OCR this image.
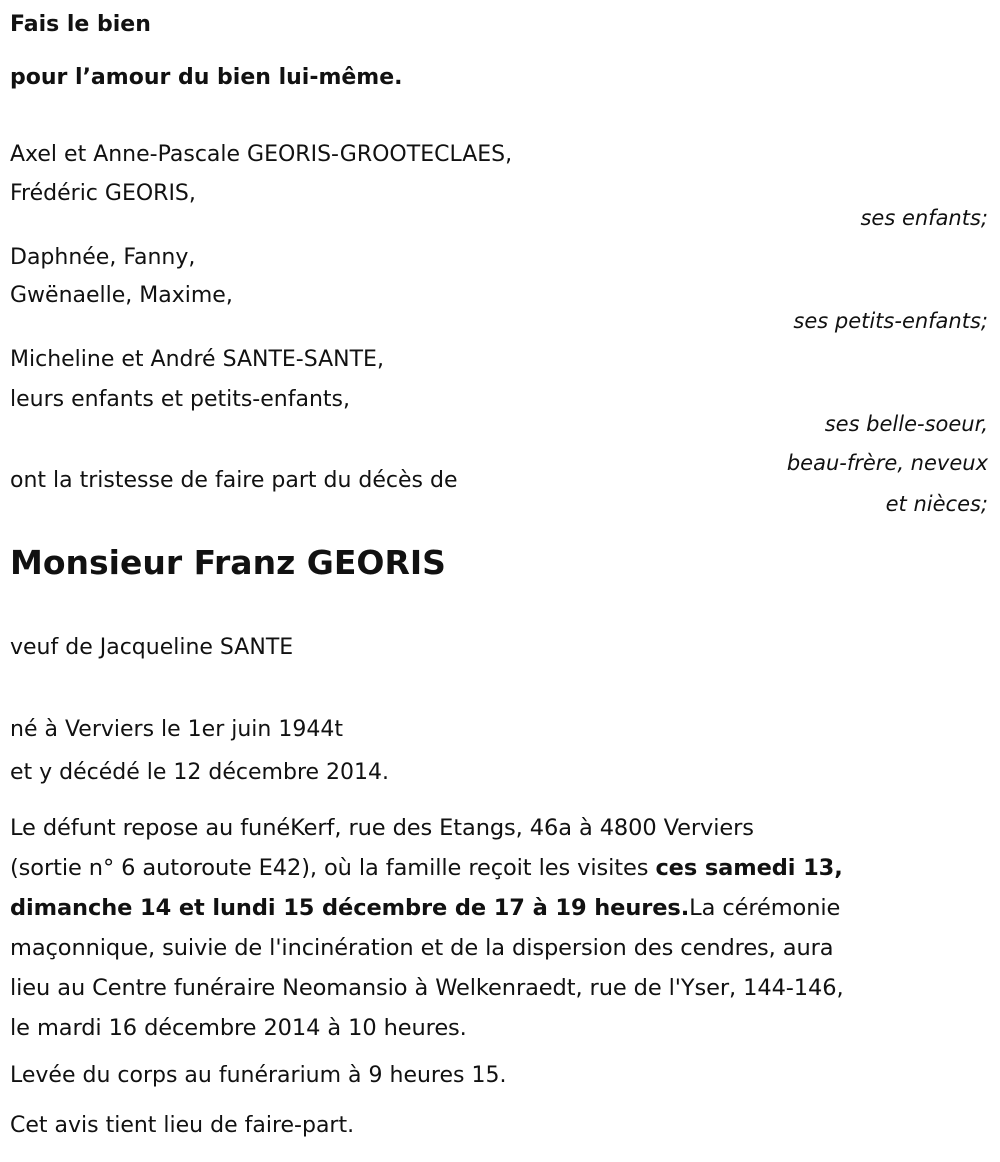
Fais le bien
pour l’amour du bien lui-même.
Axel et Anne-Pascale GEORIS-GROOTECLAES,
Frédéric GEORIS,
ses enfants;
Daphnée, Fanny,
Gwënaelle, Maxime,
ses petits-enfants;
Micheline et André SANTE-SANTE,
leurs enfants et petits-enfants,
ses belle-soeur,
beau-frère, neveux
et nièces;
ont la tristesse de faire part du décès de
Monsieur Franz GEORIS
veuf de Jacqueline SANTE
né à Verviers le 1er juin 1944t
et y décédé le 12 décembre 2014.
Le défunt repose au funéKerf, rue des Etangs, 46a à 4800 Verviers
(sortie n° 6 autoroute E42), où la famille reçoit les visites ces samedi 13,
dimanche 14 et lundi 15 décembre de 17 à 19 heures.La cérémonie
maçonnique, suivie de l'incinération et de la dispersion des cendres, aura
lieu au Centre funéraire Neomansio à Welkenraedt, rue de l'Yser, 144-146,
le mardi 16 décembre 2014 à 10 heures.
Levée du corps au funérarium à 9 heures 15.
Cet avis tient lieu de faire-part.
